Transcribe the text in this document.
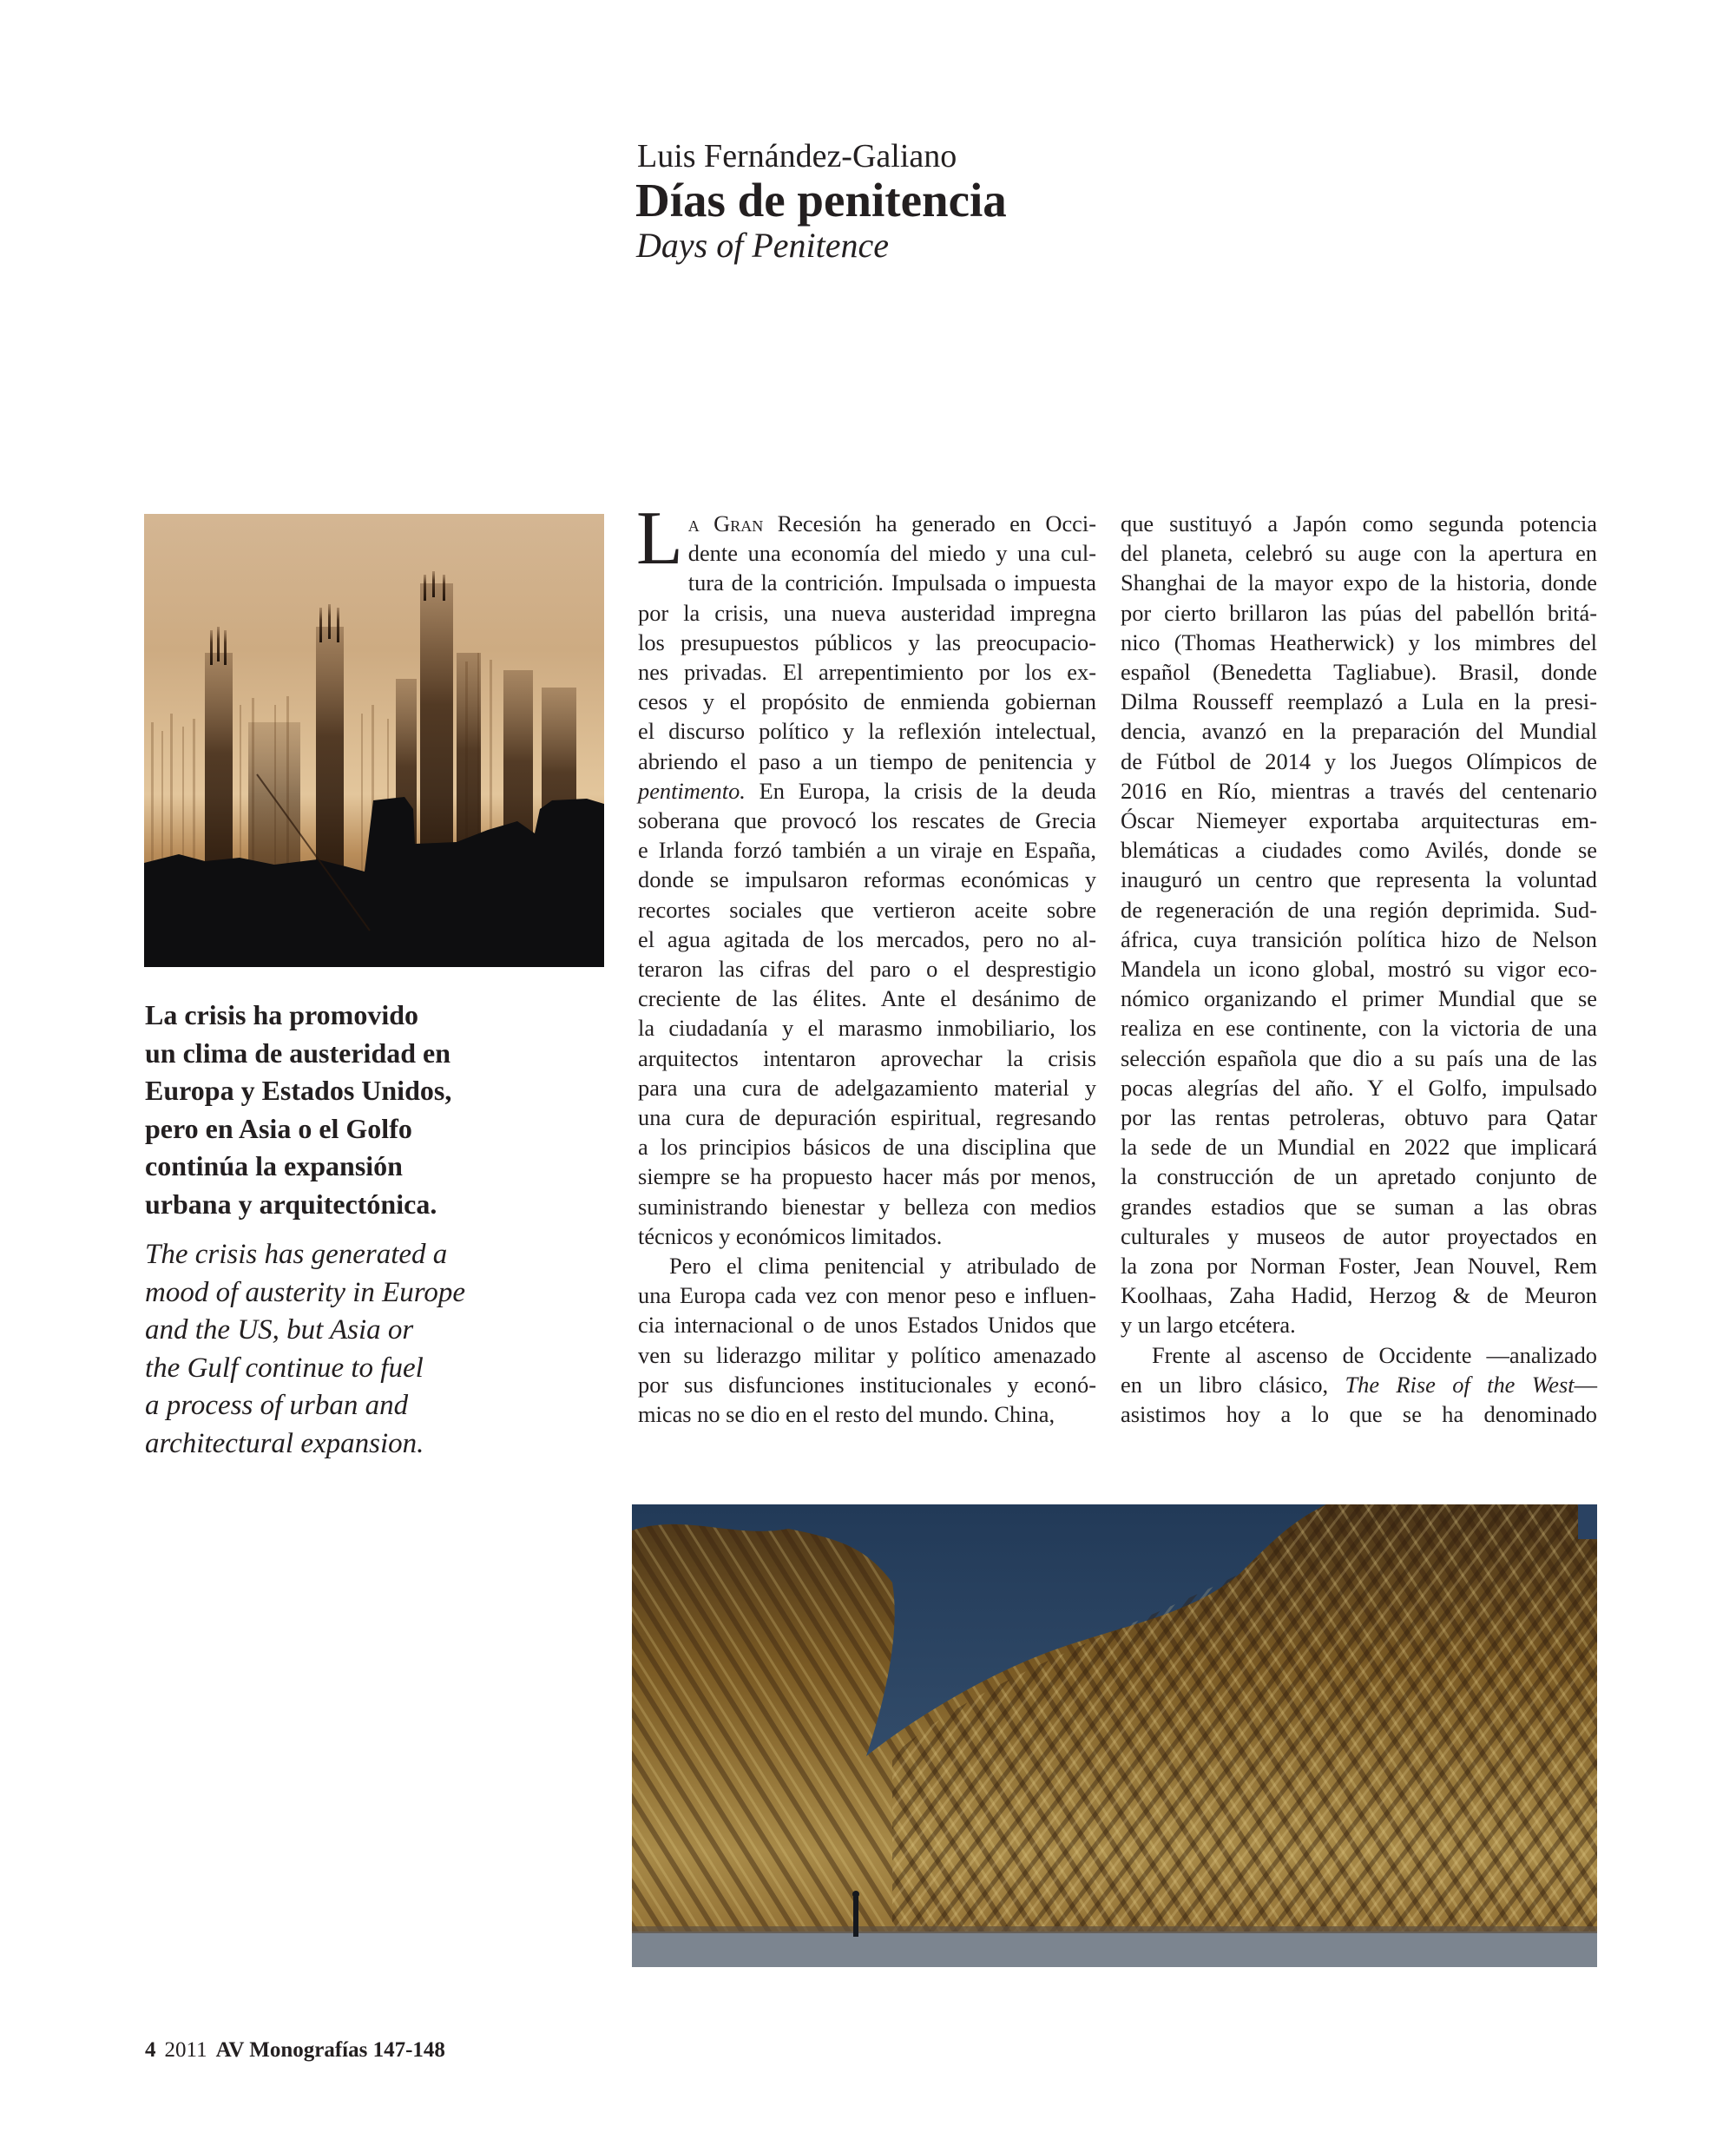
Luis Fernández-Galiano
Días de penitencia
Days of Penitence
La crisis ha promovido
un clima de austeridad en
Europa y Estados Unidos,
pero en Asia o el Golfo
continúa la expansión
urbana y arquitectónica.
The crisis has generated a
mood of austerity in Europe
and the US, but Asia or
the Gulf continue to fuel
a process of urban and
architectural expansion.
L a Gran Recesión ha generado en Occi-
dente una economía del miedo y una cul-
tura de la contrición. Impulsada o impuesta
por la crisis, una nueva austeridad impregna
los presupuestos públicos y las preocupacio-
nes privadas. El arrepentimiento por los ex-
cesos y el propósito de enmienda gobiernan
el discurso político y la reflexión intelectual,
abriendo el paso a un tiempo de penitencia y
pentimento. En Europa, la crisis de la deuda
soberana que provocó los rescates de Grecia
e Irlanda forzó también a un viraje en España,
donde se impulsaron reformas económicas y
recortes sociales que vertieron aceite sobre
el agua agitada de los mercados, pero no al-
teraron las cifras del paro o el desprestigio
creciente de las élites. Ante el desánimo de
la ciudadanía y el marasmo inmobiliario, los
arquitectos intentaron aprovechar la crisis
para una cura de adelgazamiento material y
una cura de depuración espiritual, regresando
a los principios básicos de una disciplina que
siempre se ha propuesto hacer más por menos,
suministrando bienestar y belleza con medios
técnicos y económicos limitados.
Pero el clima penitencial y atribulado de
una Europa cada vez con menor peso e influen-
cia internacional o de unos Estados Unidos que
ven su liderazgo militar y político amenazado
por sus disfunciones institucionales y econó-
micas no se dio en el resto del mundo. China,
que sustituyó a Japón como segunda potencia
del planeta, celebró su auge con la apertura en
Shanghai de la mayor expo de la historia, donde
por cierto brillaron las púas del pabellón britá-
nico (Thomas Heatherwick) y los mimbres del
español (Benedetta Tagliabue). Brasil, donde
Dilma Rousseff reemplazó a Lula en la presi-
dencia, avanzó en la preparación del Mundial
de Fútbol de 2014 y los Juegos Olímpicos de
2016 en Río, mientras a través del centenario
Óscar Niemeyer exportaba arquitecturas em-
blemáticas a ciudades como Avilés, donde se
inauguró un centro que representa la voluntad
de regeneración de una región deprimida. Sud-
áfrica, cuya transición política hizo de Nelson
Mandela un icono global, mostró su vigor eco-
nómico organizando el primer Mundial que se
realiza en ese continente, con la victoria de una
selección española que dio a su país una de las
pocas alegrías del año. Y el Golfo, impulsado
por las rentas petroleras, obtuvo para Qatar
la sede de un Mundial en 2022 que implicará
la construcción de un apretado conjunto de
grandes estadios que se suman a las obras
culturales y museos de autor proyectados en
la zona por Norman Foster, Jean Nouvel, Rem
Koolhaas, Zaha Hadid, Herzog & de Meuron
y un largo etcétera.
Frente al ascenso de Occidente —analizado
en un libro clásico, The Rise of the West—
asistimos hoy a lo que se ha denominado
4 2011 AV Monografías 147-148
